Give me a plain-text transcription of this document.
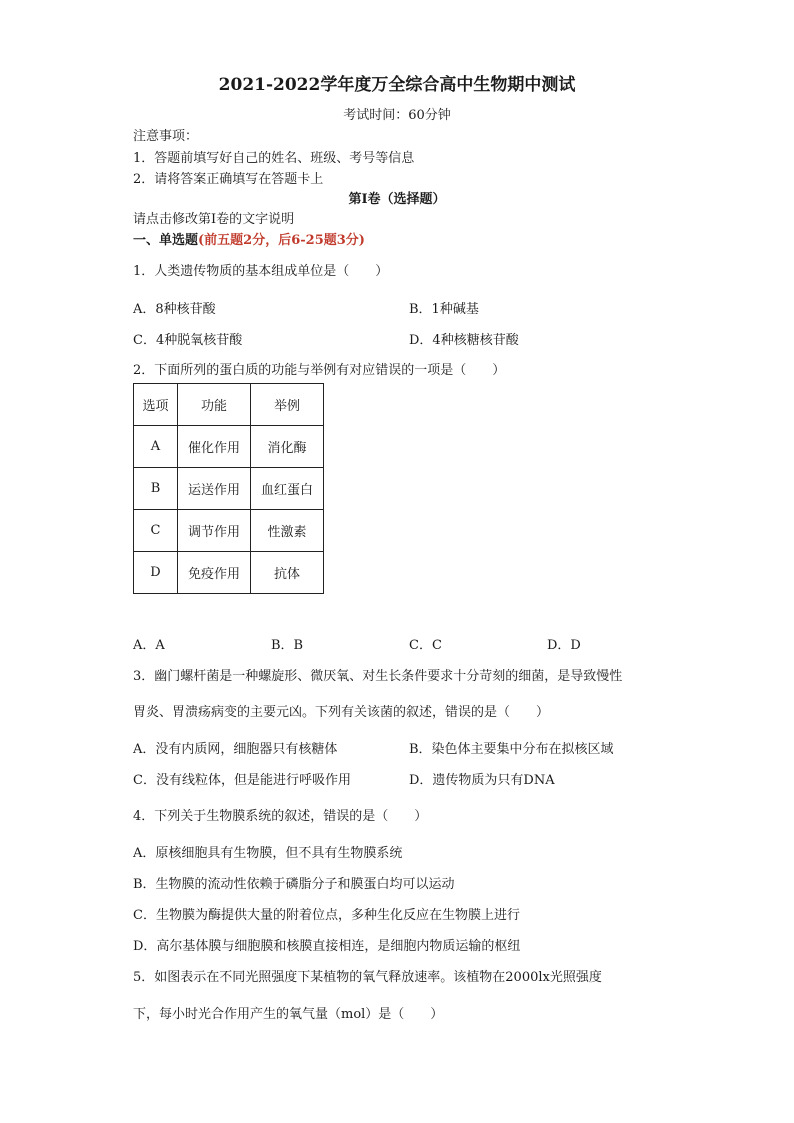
2021-2022学年度万全综合高中生物期中测试
考试时间：60分钟
注意事项：
1．答题前填写好自己的姓名、班级、考号等信息
2．请将答案正确填写在答题卡上
第I卷（选择题）
请点击修改第I卷的文字说明
一、单选题(前五题2分，后6-25题3分)
1．人类遗传物质的基本组成单位是（　　）
A．8种核苷酸	B．1种碱基
C．4种脱氧核苷酸	D．4种核糖核苷酸
2．下面所列的蛋白质的功能与举例有对应错误的一项是（　　）
选项	功能	举例
A	催化作用	消化酶
B	运送作用	血红蛋白
C	调节作用	性激素
D	免疫作用	抗体
A．A	B．B	C．C	D．D
3．幽门螺杆菌是一种螺旋形、微厌氧、对生长条件要求十分苛刻的细菌，是导致慢性
胃炎、胃溃疡病变的主要元凶。下列有关该菌的叙述，错误的是（　　）
A．没有内质网，细胞器只有核糖体	B．染色体主要集中分布在拟核区域
C．没有线粒体，但是能进行呼吸作用	D．遗传物质为只有DNA
4．下列关于生物膜系统的叙述，错误的是（　　）
A．原核细胞具有生物膜，但不具有生物膜系统
B．生物膜的流动性依赖于磷脂分子和膜蛋白均可以运动
C．生物膜为酶提供大量的附着位点，多种生化反应在生物膜上进行
D．高尔基体膜与细胞膜和核膜直接相连，是细胞内物质运输的枢纽
5．如图表示在不同光照强度下某植物的氧气释放速率。该植物在2000lx光照强度
下，每小时光合作用产生的氧气量（mol）是（　　）
